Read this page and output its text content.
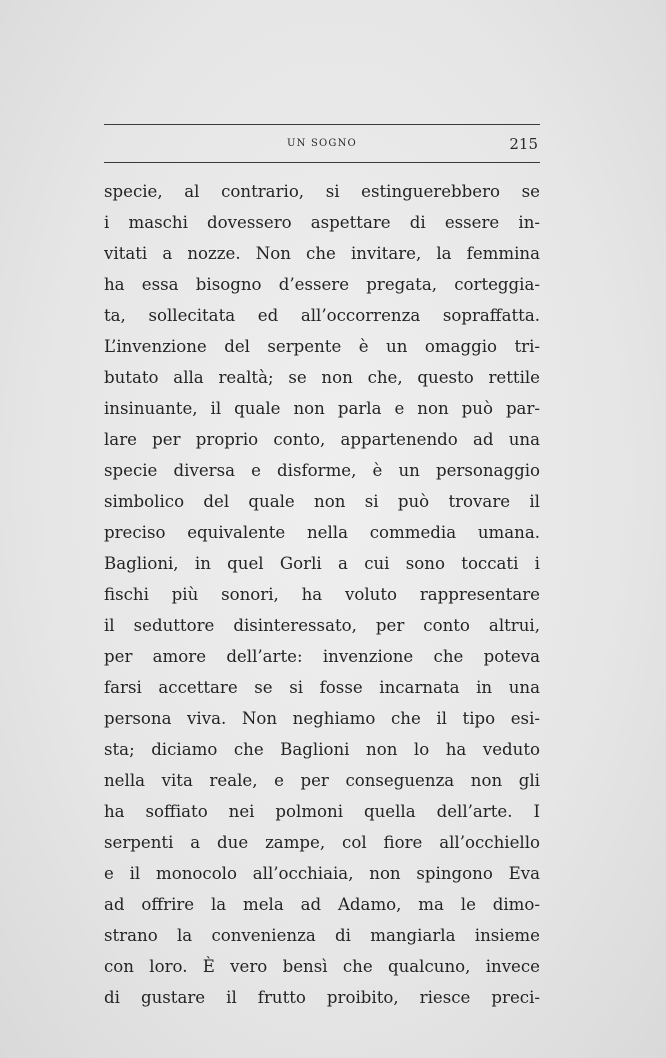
UN SOGNO	215
specie, al contrario, si estinguerebbero se
i maschi dovessero aspettare di essere in-
vitati a nozze. Non che invitare, la femmina
ha essa bisogno d’essere pregata, corteggia-
ta, sollecitata ed all’occorrenza sopraffatta.
L’invenzione del serpente è un omaggio tri-
butato alla realtà; se non che, questo rettile
insinuante, il quale non parla e non può par-
lare per proprio conto, appartenendo ad una
specie diversa e disforme, è un personaggio
simbolico del quale non si può trovare il
preciso equivalente nella commedia umana.
Baglioni, in quel Gorli a cui sono toccati i
fischi più sonori, ha voluto rappresentare
il seduttore disinteressato, per conto altrui,
per amore dell’arte: invenzione che poteva
farsi accettare se si fosse incarnata in una
persona viva. Non neghiamo che il tipo esi-
sta; diciamo che Baglioni non lo ha veduto
nella vita reale, e per conseguenza non gli
ha soffiato nei polmoni quella dell’arte. I
serpenti a due zampe, col fiore all’occhiello
e il monocolo all’occhiaia, non spingono Eva
ad offrire la mela ad Adamo, ma le dimo-
strano la convenienza di mangiarla insieme
con loro. È vero bensì che qualcuno, invece
di gustare il frutto proibito, riesce preci-
